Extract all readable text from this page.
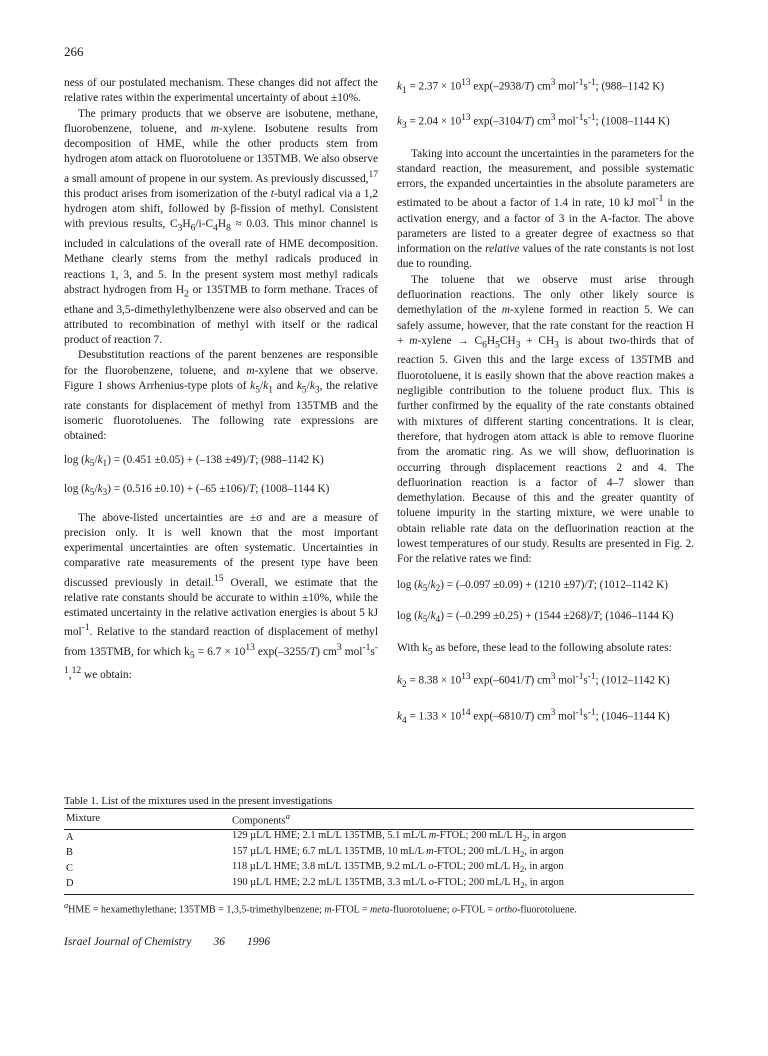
266

ness of our postulated mechanism. These changes did not affect the relative rates within the experimental uncertainty of about ±10%.

The primary products that we observe are isobutene, methane, fluorobenzene, toluene, and m-xylene. Isobutene results from decomposition of HME, while the other products stem from hydrogen atom attack on fluorotoluene or 135TMB. We also observe a small amount of propene in our system. As previously discussed,$^{17}$ this product arises from isomerization of the t-butyl radical via a 1,2 hydrogen atom shift, followed by β-fission of methyl. Consistent with previous results, $C_3H_6/i-C_4H_8 \approx 0.03$. This minor channel is included in calculations of the overall rate of HME decomposition. Methane clearly stems from the methyl radicals produced in reactions 1, 3, and 5. In the present system most methyl radicals abstract hydrogen from $H_2$ or 135TMB to form methane. Traces of ethane and 3,5-dimethylethylbenzene were also observed and can be attributed to recombination of methyl with itself or the radical product of reaction 7.

Desubstitution reactions of the parent benzenes are responsible for the fluorobenzene, toluene, and m-xylene that we observe. Figure 1 shows Arrhenius-type plots of $k_5/k_1$ and $k_5/k_3$, the relative rate constants for displacement of methyl from 135TMB and the isomeric fluorotoluenes. The following rate expressions are obtained:

$\log (k_5/k_1) = (0.451 \pm 0.05) + (-138 \pm 49)/T$; (988–1142 K)
$\log (k_5/k_3) = (0.516 \pm 0.10) + (-65 \pm 106)/T$; (1008–1144 K)

The above-listed uncertainties are ±σ and are a measure of precision only. It is well known that the most important experimental uncertainties are often systematic. Uncertainties in comparative rate measurements of the present type have been discussed previously in detail.$^{15}$ Overall, we estimate that the relative rate constants should be accurate to within ±10%, while the estimated uncertainty in the relative activation energies is about 5 kJ mol$^{-1}$. Relative to the standard reaction of displacement of methyl from 135TMB, for which $k_5 = 6.7 \times 10^{13}$ exp(–3255/T) $cm^3$ $mol^{-1}s^{-1},^{12}$ we obtain:

$k_1 = 2.37 \times 10^{13}$ exp(–2938/T) $cm^3$ $mol^{-1}s^{-1}$; (988–1142 K)
$k_3 = 2.04 \times 10^{13}$ exp(–3104/T) $cm^3$ $mol^{-1}s^{-1}$; (1008–1144 K)

Taking into account the uncertainties in the parameters for the standard reaction, the measurement, and possible systematic errors, the expanded uncertainties in the absolute parameters are estimated to be about a factor of 1.4 in rate, 10 kJ mol$^{-1}$ in the activation energy, and a factor of 3 in the A-factor. The above parameters are listed to a greater degree of exactness so that information on the relative values of the rate constants is not lost due to rounding.

The toluene that we observe must arise through defluorination reactions. The only other likely source is demethylation of the m-xylene formed in reaction 5. We can safely assume, however, that the rate constant for the reaction H + m-xylene → $C_6H_5CH_3 + CH_3$ is about two-thirds that of reaction 5. Given this and the large excess of 135TMB and fluorotoluene, it is easily shown that the above reaction makes a negligible contribution to the toluene product flux. This is further confirmed by the equality of the rate constants obtained with mixtures of different starting concentrations. It is clear, therefore, that hydrogen atom attack is able to remove fluorine from the aromatic ring. As we will show, defluorination is occurring through displacement reactions 2 and 4. The defluorination reaction is a factor of 4–7 slower than demethylation. Because of this and the greater quantity of toluene impurity in the starting mixture, we were unable to obtain reliable rate data on the defluorination reaction at the lowest temperatures of our study. Results are presented in Fig. 2. For the relative rates we find:

$\log (k_5/k_2) = (-0.097 \pm 0.09) + (1210 \pm 97)/T$; (1012–1142 K)
$\log (k_5/k_4) = (-0.299 \pm 0.25) + (1544 \pm 268)/T$; (1046–1144 K)

With $k_5$ as before, these lead to the following absolute rates:

$k_2 = 8.38 \times 10^{13}$ exp(–6041/T) $cm^3$ $mol^{-1}s^{-1}$; (1012–1142 K)
$k_4 = 1.33 \times 10^{14}$ exp(–6810/T) $cm^3$ $mol^{-1}s^{-1}$; (1046–1144 K)
Table 1. List of the mixtures used in the present investigations
Mixture	Components$^a$
A	129 µL/L HME; 2.1 mL/L 135TMB, 5.1 mL/L m-FTOL; 200 mL/L $H_2$, in argon
B	157 µL/L HME; 6.7 mL/L 135TMB, 10 mL/L m-FTOL; 200 mL/L $H_2$, in argon
C	118 µL/L HME; 3.8 mL/L 135TMB, 9.2 mL/L o-FTOL; 200 mL/L $H_2$, in argon
D	190 µL/L HME; 2.2 mL/L 135TMB, 3.3 mL/L o-FTOL; 200 mL/L $H_2$, in argon
$^a$HME = hexamethylethane; 135TMB = 1,3,5-trimethylbenzene; m-FTOL = meta-fluorotoluene; o-FTOL = ortho-fluorotoluene.
Israel Journal of Chemistry 36 1996
